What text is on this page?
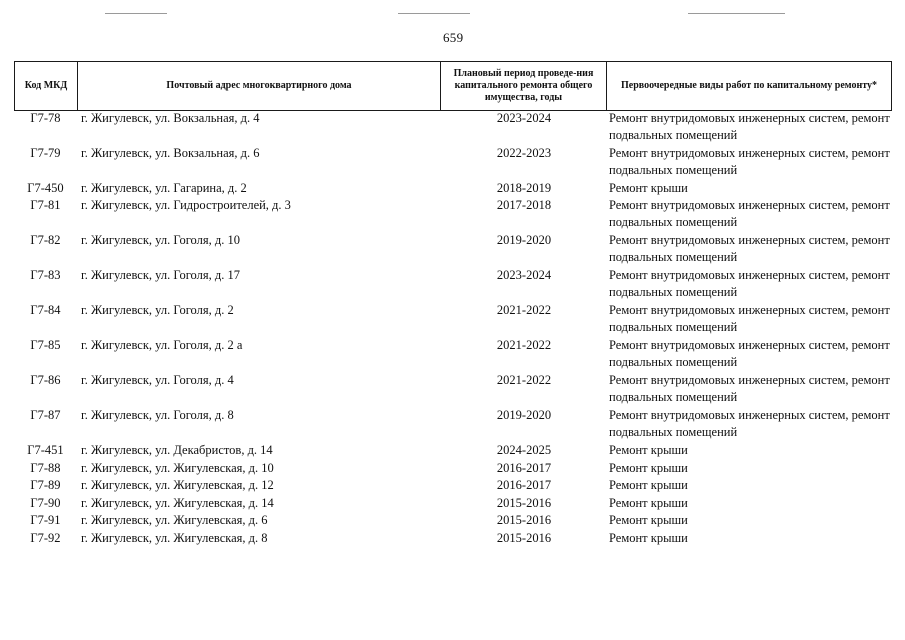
659
Код МКД	Почтовый адрес многоквартирного дома	Плановый период проведе-ния капитального ремонта общего имущества, годы	Первоочередные виды работ по капитальному ремонту*
Г7-78	г. Жигулевск, ул. Вокзальная, д. 4	2023-2024	Ремонт внутридомовых инженерных систем, ремонт подвальных помещений
Г7-79	г. Жигулевск, ул. Вокзальная, д. 6	2022-2023	Ремонт внутридомовых инженерных систем, ремонт подвальных помещений
Г7-450	г. Жигулевск, ул. Гагарина, д. 2	2018-2019	Ремонт крыши
Г7-81	г. Жигулевск, ул. Гидростроителей, д. 3	2017-2018	Ремонт внутридомовых инженерных систем, ремонт подвальных помещений
Г7-82	г. Жигулевск, ул. Гоголя, д. 10	2019-2020	Ремонт внутридомовых инженерных систем, ремонт подвальных помещений
Г7-83	г. Жигулевск, ул. Гоголя, д. 17	2023-2024	Ремонт внутридомовых инженерных систем, ремонт подвальных помещений
Г7-84	г. Жигулевск, ул. Гоголя, д. 2	2021-2022	Ремонт внутридомовых инженерных систем, ремонт подвальных помещений
Г7-85	г. Жигулевск, ул. Гоголя, д. 2 а	2021-2022	Ремонт внутридомовых инженерных систем, ремонт подвальных помещений
Г7-86	г. Жигулевск, ул. Гоголя, д. 4	2021-2022	Ремонт внутридомовых инженерных систем, ремонт подвальных помещений
Г7-87	г. Жигулевск, ул. Гоголя, д. 8	2019-2020	Ремонт внутридомовых инженерных систем, ремонт подвальных помещений
Г7-451	г. Жигулевск, ул. Декабристов, д. 14	2024-2025	Ремонт крыши
Г7-88	г. Жигулевск, ул. Жигулевская, д. 10	2016-2017	Ремонт крыши
Г7-89	г. Жигулевск, ул. Жигулевская, д. 12	2016-2017	Ремонт крыши
Г7-90	г. Жигулевск, ул. Жигулевская, д. 14	2015-2016	Ремонт крыши
Г7-91	г. Жигулевск, ул. Жигулевская, д. 6	2015-2016	Ремонт крыши
Г7-92	г. Жигулевск, ул. Жигулевская, д. 8	2015-2016	Ремонт крыши
